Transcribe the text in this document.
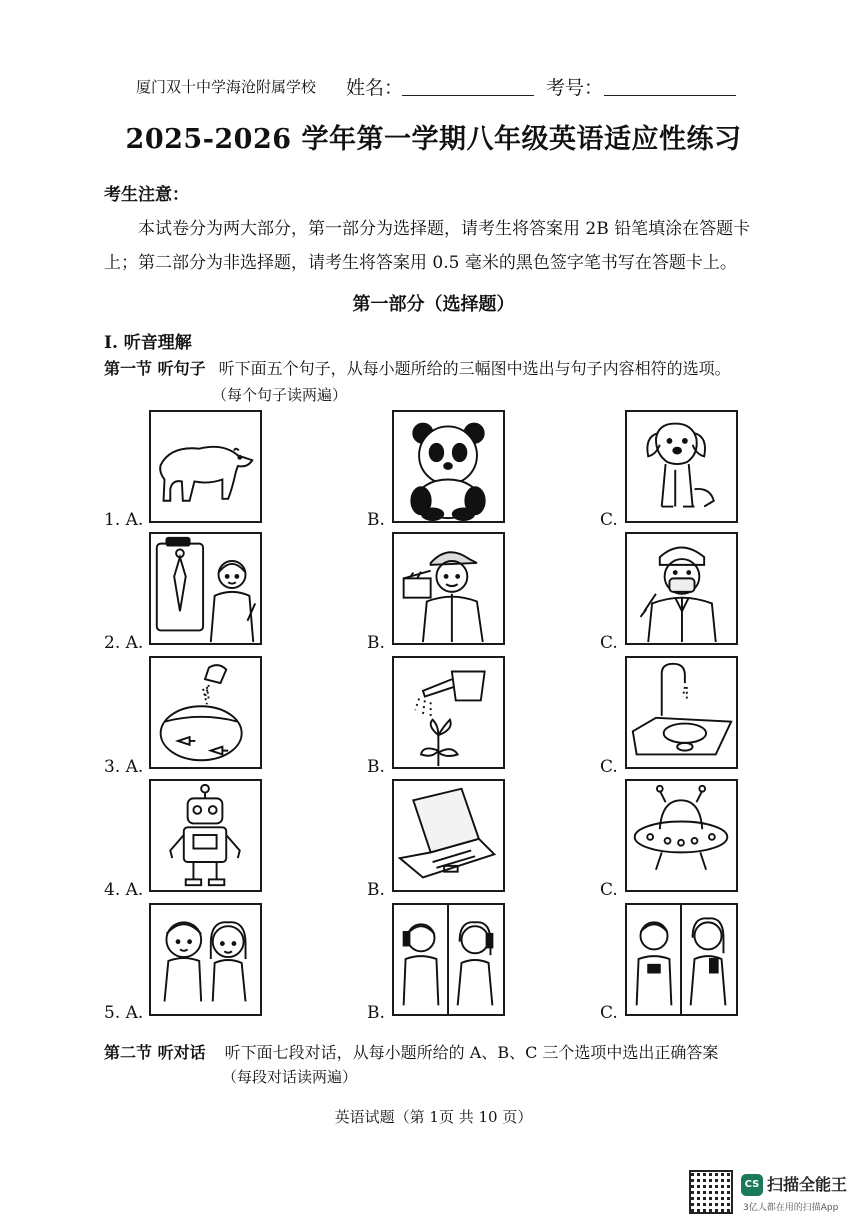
厦门双十中学海沧附属学校 姓名：	考号：
2025-2026 学年第一学期八年级英语适应性练习
考生注意：
本试卷分为两大部分，第一部分为选择题，请考生将答案用 2B 铅笔填涂在答题卡上；第二部分为非选择题，请考生将答案用 0.5 毫米的黑色签字笔书写在答题卡上。
第一部分（选择题）
I. 听音理解
第一节 听句子 听下面五个句子，从每小题所给的三幅图中选出与句子内容相符的选项。
（每个句子读两遍）
1. A.	B.	C.
2. A.	B.	C.
3. A.	B.	C.
4. A.	B.	C.
5. A.	B.	C.
第二节 听对话 听下面七段对话，从每小题所给的 A、B、C 三个选项中选出正确答案
（每段对话读两遍）
英语试题（第 1页 共 10 页）
CS 扫描全能王
3亿人都在用的扫描App
